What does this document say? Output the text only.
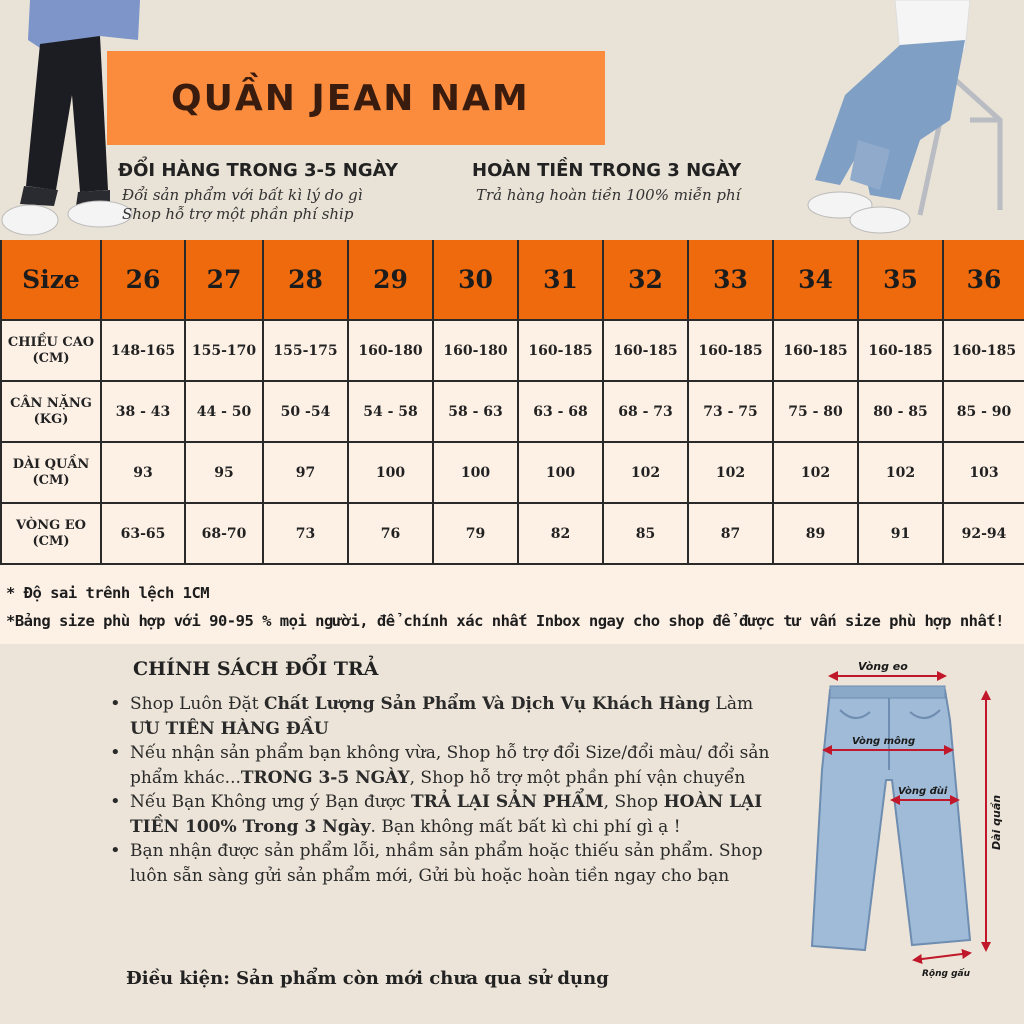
QUẦN JEAN NAM
ĐỔI HÀNG TRONG 3-5 NGÀY
Đổi sản phẩm với bất kì lý do gì
Shop hỗ trợ một phần phí ship
HOÀN TIỀN TRONG 3 NGÀY
Trả hàng hoàn tiền 100% miễn phí
Size	26	27	28	29	30	31	32	33	34	35	36
CHIỀU CAO
(CM)	148-165	155-170	155-175	160-180	160-180	160-185	160-185	160-185	160-185	160-185	160-185
CÂN NẶNG
(KG)	38 - 43	44 - 50	50 -54	54 - 58	58 - 63	63 - 68	68 - 73	73 - 75	75 - 80	80 - 85	85 - 90
DÀI QUẦN
(CM)	93	95	97	100	100	100	102	102	102	102	103
VÒNG EO
(CM)	63-65	68-70	73	76	79	82	85	87	89	91	92-94
* Độ sai trênh lệch 1CM
*Bảng size phù hợp với 90-95 % mọi người, để chính xác nhất Inbox ngay cho shop để được tư vấn size phù hợp nhất!
CHÍNH SÁCH ĐỔI TRẢ
• Shop Luôn Đặt Chất Lượng Sản Phẩm Và Dịch Vụ Khách Hàng Làm ƯU TIÊN HÀNG ĐẦU
• Nếu nhận sản phẩm bạn không vừa, Shop hỗ trợ đổi Size/đổi màu/ đổi sản phẩm khác...TRONG 3-5 NGÀY, Shop hỗ trợ một phần phí vận chuyển
• Nếu Bạn Không ưng ý Bạn được TRẢ LẠI SẢN PHẨM, Shop HOÀN LẠI TIỀN 100% Trong 3 Ngày. Bạn không mất bất kì chi phí gì ạ !
• Bạn nhận được sản phẩm lỗi, nhầm sản phẩm hoặc thiếu sản phẩm. Shop luôn sẵn sàng gửi sản phẩm mới, Gửi bù hoặc hoàn tiền ngay cho bạn
Điều kiện: Sản phẩm còn mới chưa qua sử dụng
Vòng eo
Vòng mông
Vòng đùi
Dài quần
Rộng gấu
